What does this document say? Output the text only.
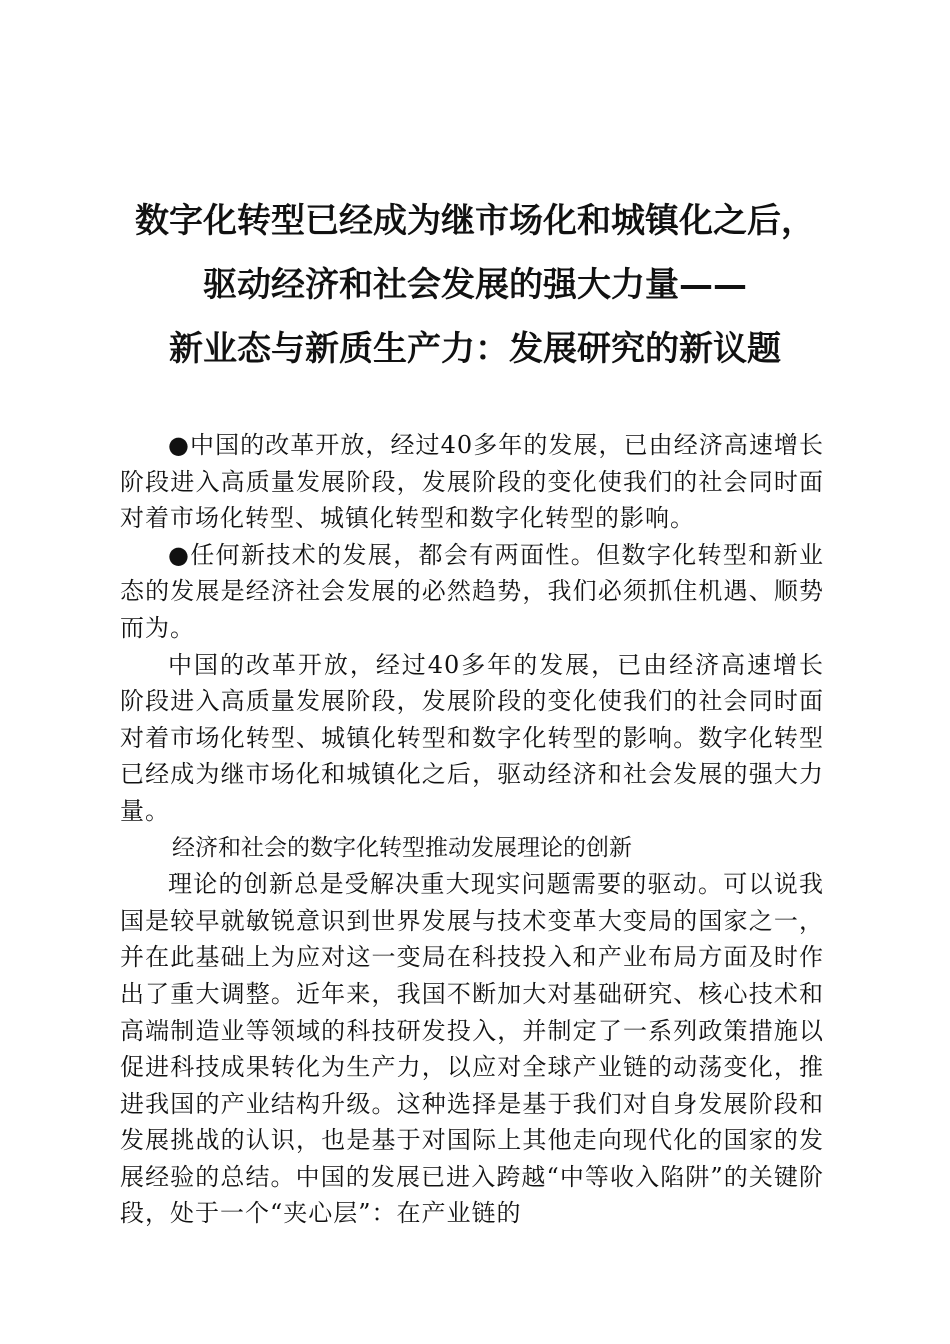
数字化转型已经成为继市场化和城镇化之后，
驱动经济和社会发展的强大力量——
新业态与新质生产力：发展研究的新议题

●中国的改革开放，经过40多年的发展，已由经济高速增长阶段进入高质量发展阶段，发展阶段的变化使我们的社会同时面对着市场化转型、城镇化转型和数字化转型的影响。

●任何新技术的发展，都会有两面性。但数字化转型和新业态的发展是经济社会发展的必然趋势，我们必须抓住机遇、顺势而为。

中国的改革开放，经过40多年的发展，已由经济高速增长阶段进入高质量发展阶段，发展阶段的变化使我们的社会同时面对着市场化转型、城镇化转型和数字化转型的影响。数字化转型已经成为继市场化和城镇化之后，驱动经济和社会发展的强大力量。

经济和社会的数字化转型推动发展理论的创新

理论的创新总是受解决重大现实问题需要的驱动。可以说我国是较早就敏锐意识到世界发展与技术变革大变局的国家之一，并在此基础上为应对这一变局在科技投入和产业布局方面及时作出了重大调整。近年来，我国不断加大对基础研究、核心技术和高端制造业等领域的科技研发投入，并制定了一系列政策措施以促进科技成果转化为生产力，以应对全球产业链的动荡变化，推进我国的产业结构升级。这种选择是基于我们对自身发展阶段和发展挑战的认识，也是基于对国际上其他走向现代化的国家的发展经验的总结。中国的发展已进入跨越“中等收入陷阱”的关键阶段，处于一个“夹心层”：在产业链的
